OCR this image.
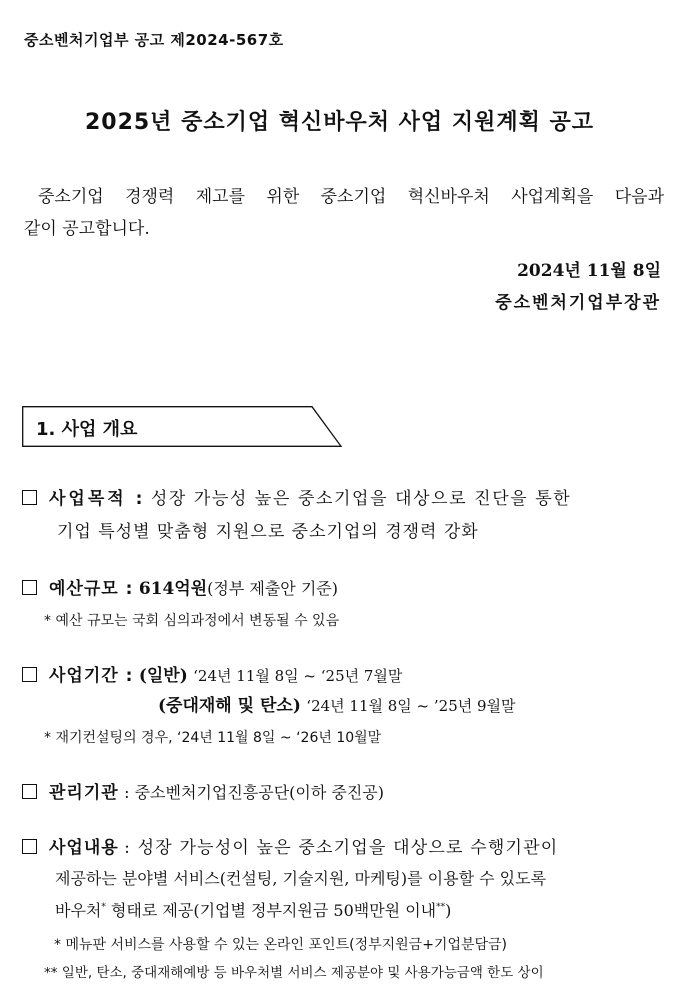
중소벤처기업부 공고 제2024-567호
2025년 중소기업 혁신바우처 사업 지원계획 공고
중소기업 경쟁력 제고를 위한 중소기업 혁신바우처 사업계획을 다음과
같이 공고합니다.
2024년 11월 8일
중소벤처기업부장관
1. 사업 개요
사업목적 : 성장 가능성 높은 중소기업을 대상으로 진단을 통한
기업 특성별 맞춤형 지원으로 중소기업의 경쟁력 강화
예산규모 : 614억원(정부 제출안 기준)
* 예산 규모는 국회 심의과정에서 변동될 수 있음
사업기간 : (일반) ‘24년 11월 8일 ~ ‘25년 7월말
(중대재해 및 탄소) ‘24년 11월 8일 ~ ’25년 9월말
* 재기컨설팅의 경우, ‘24년 11월 8일 ~ ‘26년 10월말
관리기관 : 중소벤처기업진흥공단(이하 중진공)
사업내용 : 성장 가능성이 높은 중소기업을 대상으로 수행기관이
제공하는 분야별 서비스(컨설팅, 기술지원, 마케팅)를 이용할 수 있도록
바우처* 형태로 제공(기업별 정부지원금 50백만원 이내**)
* 메뉴판 서비스를 사용할 수 있는 온라인 포인트(정부지원금+기업분담금)
** 일반, 탄소, 중대재해예방 등 바우처별 서비스 제공분야 및 사용가능금액 한도 상이
